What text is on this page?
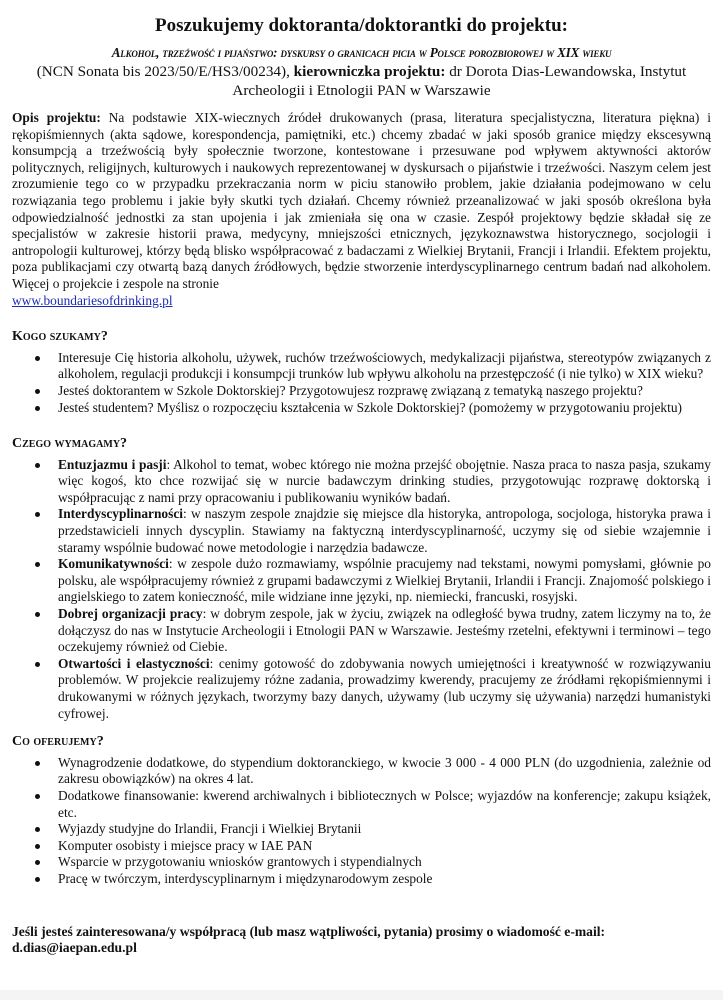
Poszukujemy doktoranta/doktorantki do projektu:
Alkohol, trzeźwość i pijaństwo: dyskursy o granicach picia w Polsce porozbiorowej w XIX wieku
(NCN Sonata bis 2023/50/E/HS3/00234), kierowniczka projektu: dr Dorota Dias-Lewandowska, Instytut Archeologii i Etnologii PAN w Warszawie
Opis projektu: Na podstawie XIX-wiecznych źródeł drukowanych (prasa, literatura specjalistyczna, literatura piękna) i rękopiśmiennych (akta sądowe, korespondencja, pamiętniki, etc.) chcemy zbadać w jaki sposób granice między ekscesywną konsumpcją a trzeźwością były społecznie tworzone, kontestowane i przesuwane pod wpływem aktywności aktorów politycznych, religijnych, kulturowych i naukowych reprezentowanej w dyskursach o pijaństwie i trzeźwości. Naszym celem jest zrozumienie tego co w przypadku przekraczania norm w piciu stanowiło problem, jakie działania podejmowano w celu rozwiązania tego problemu i jakie były skutki tych działań. Chcemy również przeanalizować w jaki sposób określona była odpowiedzialność jednostki za stan upojenia i jak zmieniała się ona w czasie. Zespół projektowy będzie składał się ze specjalistów w zakresie historii prawa, medycyny, mniejszości etnicznych, językoznawstwa historycznego, socjologii i antropologii kulturowej, którzy będą blisko współpracować z badaczami z Wielkiej Brytanii, Francji i Irlandii. Efektem projektu, poza publikacjami czy otwartą bazą danych źródłowych, będzie stworzenie interdyscyplinarnego centrum badań nad alkoholem. Więcej o projekcie i zespole na stronie
www.boundariesofdrinking.pl
Kogo szukamy?
Interesuje Cię historia alkoholu, używek, ruchów trzeźwościowych, medykalizacji pijaństwa, stereotypów związanych z alkoholem, regulacji produkcji i konsumpcji trunków lub wpływu alkoholu na przestępczość (i nie tylko) w XIX wieku?
Jesteś doktorantem w Szkole Doktorskiej? Przygotowujesz rozprawę związaną z tematyką naszego projektu?
Jesteś studentem? Myślisz o rozpoczęciu kształcenia w Szkole Doktorskiej? (pomożemy w przygotowaniu projektu)
Czego wymagamy?
Entuzjazmu i pasji: Alkohol to temat, wobec którego nie można przejść obojętnie. Nasza praca to nasza pasja, szukamy więc kogoś, kto chce rozwijać się w nurcie badawczym drinking studies, przygotowując rozprawę doktorską i współpracując z nami przy opracowaniu i publikowaniu wyników badań.
Interdyscyplinarności: w naszym zespole znajdzie się miejsce dla historyka, antropologa, socjologa, historyka prawa i przedstawicieli innych dyscyplin. Stawiamy na faktyczną interdyscyplinarność, uczymy się od siebie wzajemnie i staramy wspólnie budować nowe metodologie i narzędzia badawcze.
Komunikatywności: w zespole dużo rozmawiamy, wspólnie pracujemy nad tekstami, nowymi pomysłami, głównie po polsku, ale współpracujemy również z grupami badawczymi z Wielkiej Brytanii, Irlandii i Francji. Znajomość polskiego i angielskiego to zatem konieczność, mile widziane inne języki, np. niemiecki, francuski, rosyjski.
Dobrej organizacji pracy: w dobrym zespole, jak w życiu, związek na odległość bywa trudny, zatem liczymy na to, że dołączysz do nas w Instytucie Archeologii i Etnologii PAN w Warszawie. Jesteśmy rzetelni, efektywni i terminowi – tego oczekujemy również od Ciebie.
Otwartości i elastyczności: cenimy gotowość do zdobywania nowych umiejętności i kreatywność w rozwiązywaniu problemów. W projekcie realizujemy różne zadania, prowadzimy kwerendy, pracujemy ze źródłami rękopiśmiennymi i drukowanymi w różnych językach, tworzymy bazy danych, używamy (lub uczymy się używania) narzędzi humanistyki cyfrowej.
Co oferujemy?
Wynagrodzenie dodatkowe, do stypendium doktoranckiego, w kwocie 3 000 - 4 000 PLN (do uzgodnienia, zależnie od zakresu obowiązków) na okres 4 lat.
Dodatkowe finansowanie: kwerend archiwalnych i bibliotecznych w Polsce; wyjazdów na konferencje; zakupu książek, etc.
Wyjazdy studyjne do Irlandii, Francji i Wielkiej Brytanii
Komputer osobisty i miejsce pracy w IAE PAN
Wsparcie w przygotowaniu wniosków grantowych i stypendialnych
Pracę w twórczym, interdyscyplinarnym i międzynarodowym zespole
Jeśli jesteś zainteresowana/y współpracą (lub masz wątpliwości, pytania) prosimy o wiadomość e-mail:
d.dias@iaepan.edu.pl
